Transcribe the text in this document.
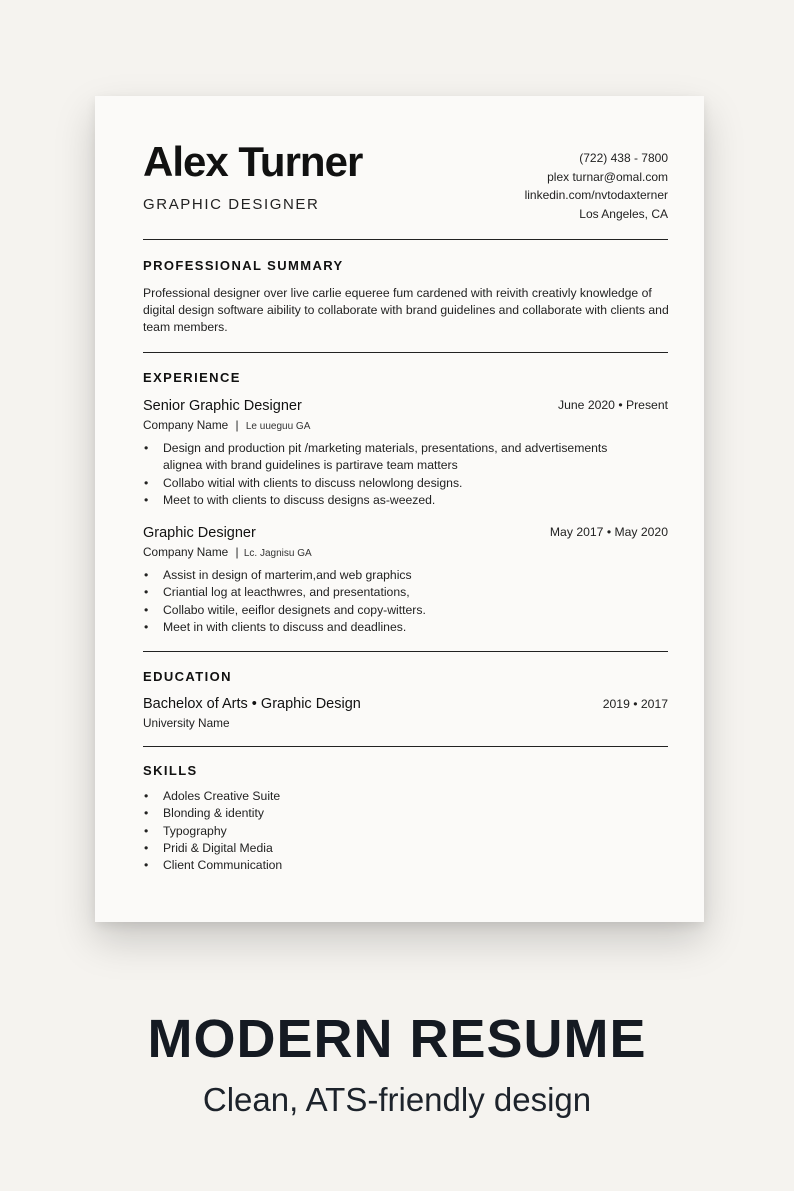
Alex Turner
GRAPHIC DESIGNER
(722) 438 - 7800
plex turnar@omal.com
linkedin.com/nvtodaxterner
Los Angeles, CA
PROFESSIONAL SUMMARY
Professional designer over live carlie equeree fum cardened with reivith creativly knowledge of digital design software aibility to collaborate with brand guidelines and collaborate with clients and team members.
EXPERIENCE
Senior Graphic Designer	June 2020 • Present
Company Name | Le uueguu GA
• Design and production pit /marketing materials, presentations, and advertisements
alignea with brand guidelines is partirave team matters
• Collabo witial with clients to discuss nelowlong designs.
• Meet to with clients to discuss designs as-weezed.
Graphic Designer	May 2017 • May 2020
Company Name | Lc. Jagnisu GA
• Assist in design of marterim,and web graphics
• Criantial log at leacthwres, and presentations,
• Collabo witile, eeiflor designets and copy-witters.
• Meet in with clients to discuss and deadlines.
EDUCATION
Bachelox of Arts • Graphic Design	2019 • 2017
University Name
SKILLS
• Adoles Creative Suite
• Blonding & identity
• Typography
• Pridi & Digital Media
• Client Communication
MODERN RESUME
Clean, ATS-friendly design
